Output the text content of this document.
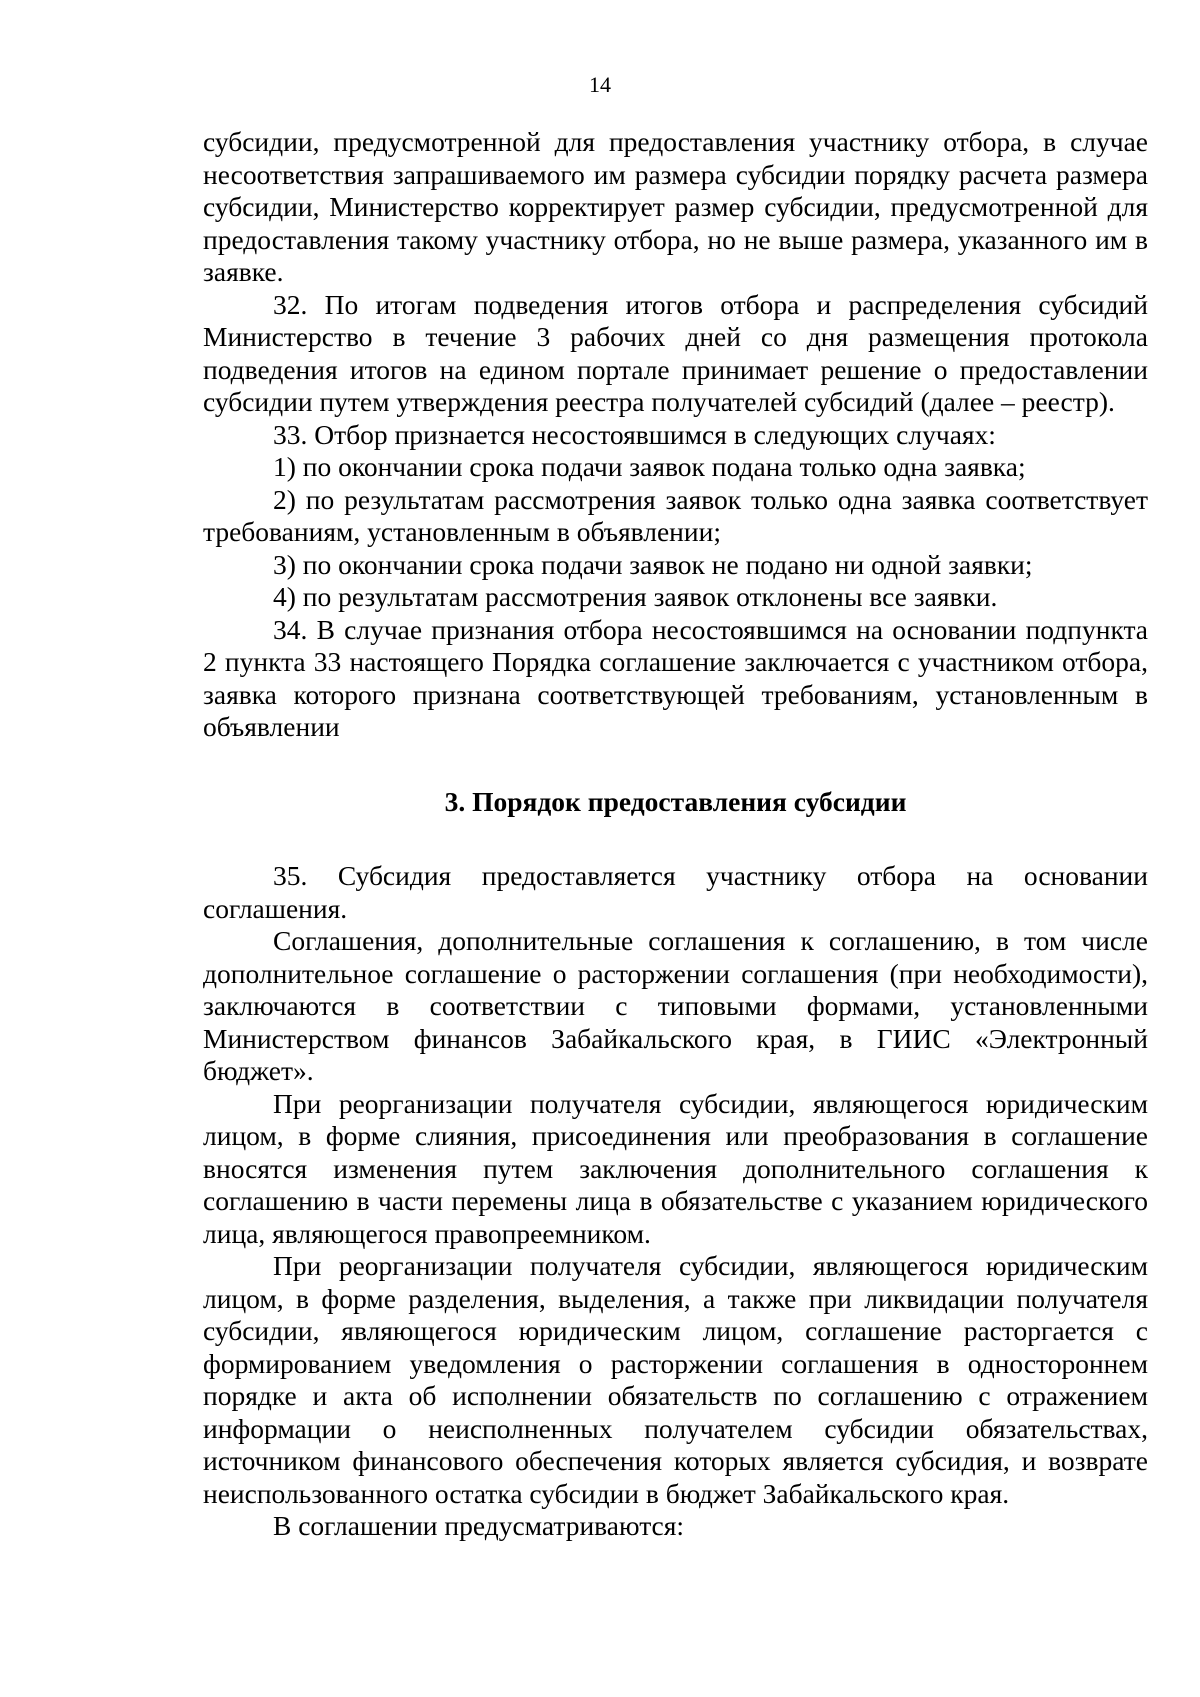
14

субсидии, предусмотренной для предоставления участнику отбора, в случае несоответствия запрашиваемого им размера субсидии порядку расчета размера субсидии, Министерство корректирует размер субсидии, предусмотренной для предоставления такому участнику отбора, но не выше размера, указанного им в заявке.

32. По итогам подведения итогов отбора и распределения субсидий Министерство в течение 3 рабочих дней со дня размещения протокола подведения итогов на едином портале принимает решение о предоставлении субсидии путем утверждения реестра получателей субсидий (далее – реестр).

33. Отбор признается несостоявшимся в следующих случаях:

1) по окончании срока подачи заявок подана только одна заявка;

2) по результатам рассмотрения заявок только одна заявка соответствует требованиям, установленным в объявлении;

3) по окончании срока подачи заявок не подано ни одной заявки;

4) по результатам рассмотрения заявок отклонены все заявки.

34. В случае признания отбора несостоявшимся на основании подпункта 2 пункта 33 настоящего Порядка соглашение заключается с участником отбора, заявка которого признана соответствующей требованиям, установленным в объявлении

3. Порядок предоставления субсидии

35. Субсидия предоставляется участнику отбора на основании соглашения.

Соглашения, дополнительные соглашения к соглашению, в том числе дополнительное соглашение о расторжении соглашения (при необходимости), заключаются в соответствии с типовыми формами, установленными Министерством финансов Забайкальского края, в ГИИС «Электронный бюджет».

При реорганизации получателя субсидии, являющегося юридическим лицом, в форме слияния, присоединения или преобразования в соглашение вносятся изменения путем заключения дополнительного соглашения к соглашению в части перемены лица в обязательстве с указанием юридического лица, являющегося правопреемником.

При реорганизации получателя субсидии, являющегося юридическим лицом, в форме разделения, выделения, а также при ликвидации получателя субсидии, являющегося юридическим лицом, соглашение расторгается с формированием уведомления о расторжении соглашения в одностороннем порядке и акта об исполнении обязательств по соглашению с отражением информации о неисполненных получателем субсидии обязательствах, источником финансового обеспечения которых является субсидия, и возврате неиспользованного остатка субсидии в бюджет Забайкальского края.

В соглашении предусматриваются:
